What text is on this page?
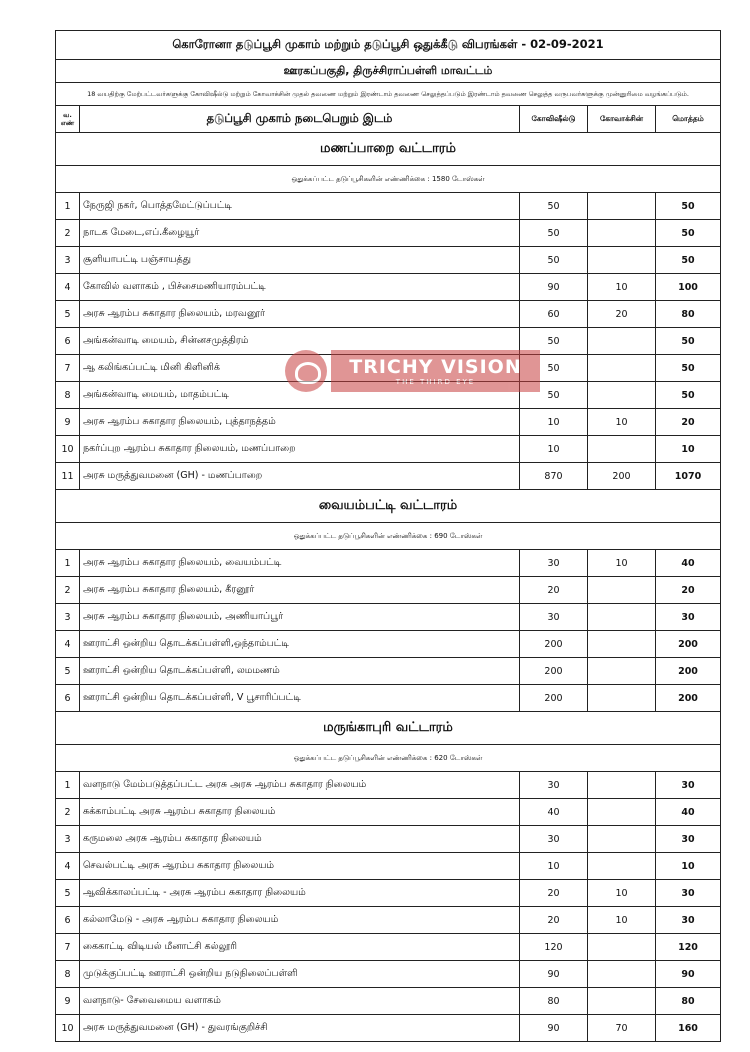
கொரோனா தடுப்பூசி முகாம் மற்றும் தடுப்பூசி ஒதுக்கீடு விபரங்கள் - 02-09-2021				
ஊரகப்பகுதி, திருச்சிராப்பள்ளி மாவட்டம்				
18 வயதிற்கு மேற்பட்டவர்களுக்கு கோவிஷீல்டு மற்றும் கோவாக்சின் முதல் தவணை மற்றும் இரண்டாம் தவணை செலுத்தப்படும் இரண்டாம் தவணை செலுத்த வருபவர்களுக்கு முன்னுரிமை வழங்கப்படும்.				
வ. எண்	தடுப்பூசி முகாம் நடைபெறும் இடம்	கோவிஷீல்டு	கோவாக்சின்	மொத்தம்
மணப்பாறை வட்டாரம்				
ஒதுக்கப்பட்ட தடுப்பூசிகளின் எண்ணிக்கை : 1580 டோஸ்கள்				
1	நேருஜி நகர், பொத்தமேட்டுப்பட்டி	50		50
2	நாடக மேடை,எப்.கீழையூர்	50		50
3	சூளியாபட்டி பஞ்சாயத்து	50		50
4	கோவில் வளாகம் , பிச்சைமணியாரம்பட்டி	90	10	100
5	அரசு ஆரம்ப சுகாதார நிலையம், மரவனூர்	60	20	80
6	அங்கன்வாடி மையம், சின்னசமுத்திரம்	50		50
7	ஆ கலிங்கப்பட்டி மினி கிளினிக்	50		50
8	அங்கன்வாடி மையம், மாதம்பட்டி	50		50
9	அரசு ஆரம்ப சுகாதார நிலையம், புத்தாநத்தம்	10	10	20
10	நகர்ப்புற ஆரம்ப சுகாதார நிலையம், மணப்பாறை	10		10
11	அரசு மருத்துவமனை (GH) - மணப்பாறை	870	200	1070
வையம்பட்டி வட்டாரம்				
ஒதுக்கப்பட்ட தடுப்பூசிகளின் எண்ணிக்கை : 690 டோஸ்கள்				
1	அரசு ஆரம்ப சுகாதார நிலையம், வையம்பட்டி	30	10	40
2	அரசு ஆரம்ப சுகாதார நிலையம், கீரனூர்	20		20
3	அரசு ஆரம்ப சுகாதார நிலையம், அணியாப்பூர்	30		30
4	ஊராட்சி ஒன்றிய தொடக்கப்பள்ளி,ஒந்தாம்பட்டி	200		200
5	ஊராட்சி ஒன்றிய தொடக்கப்பள்ளி, லமமணம்	200		200
6	ஊராட்சி ஒன்றிய தொடக்கப்பள்ளி, V பூசாரிப்பட்டி	200		200
மருங்காபுரி வட்டாரம்				
ஒதுக்கப்பட்ட தடுப்பூசிகளின் எண்ணிக்கை : 620 டோஸ்கள்				
1	வளநாடு மேம்படுத்தப்பட்ட அரசு அரசு ஆரம்ப சுகாதார நிலையம்	30		30
2	சுக்காம்பட்டி அரசு ஆரம்ப சுகாதார நிலையம்	40		40
3	கருமலை அரசு ஆரம்ப சுகாதார நிலையம்	30		30
4	செவல்பட்டி அரசு ஆரம்ப சுகாதார நிலையம்	10		10
5	ஆவிக்காலப்பட்டி - அரசு ஆரம்ப சுகாதார நிலையம்	20	10	30
6	கல்லாமேடு - அரசு ஆரம்ப சுகாதார நிலையம்	20	10	30
7	கைகாட்டி விடியல் மீனாட்சி கல்லூரி	120		120
8	முடுக்குப்பட்டி ஊராட்சி ஒன்றிய நடுநிலைப்பள்ளி	90		90
9	வளநாடு- சேவைமைய வளாகம்	80		80
10	அரசு மருத்துவமனை (GH) - துவரங்குறிச்சி	90	70	160
TRICHY VISION
THE THIRD EYE
